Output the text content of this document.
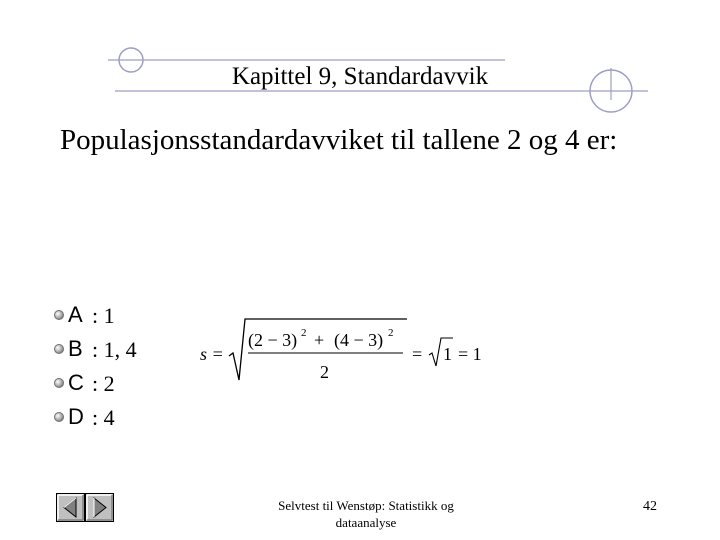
Kapittel 9, Standardavvik
Populasjonsstandardavviket til tallene 2 og 4 er:
A : 1
B : 1, 4
C : 2
D : 4
s =
(2 − 3) 2 + (4 − 3) 2
2
= 1 = 1
Selvtest til Wenstøp: Statistikk og dataanalyse
42
